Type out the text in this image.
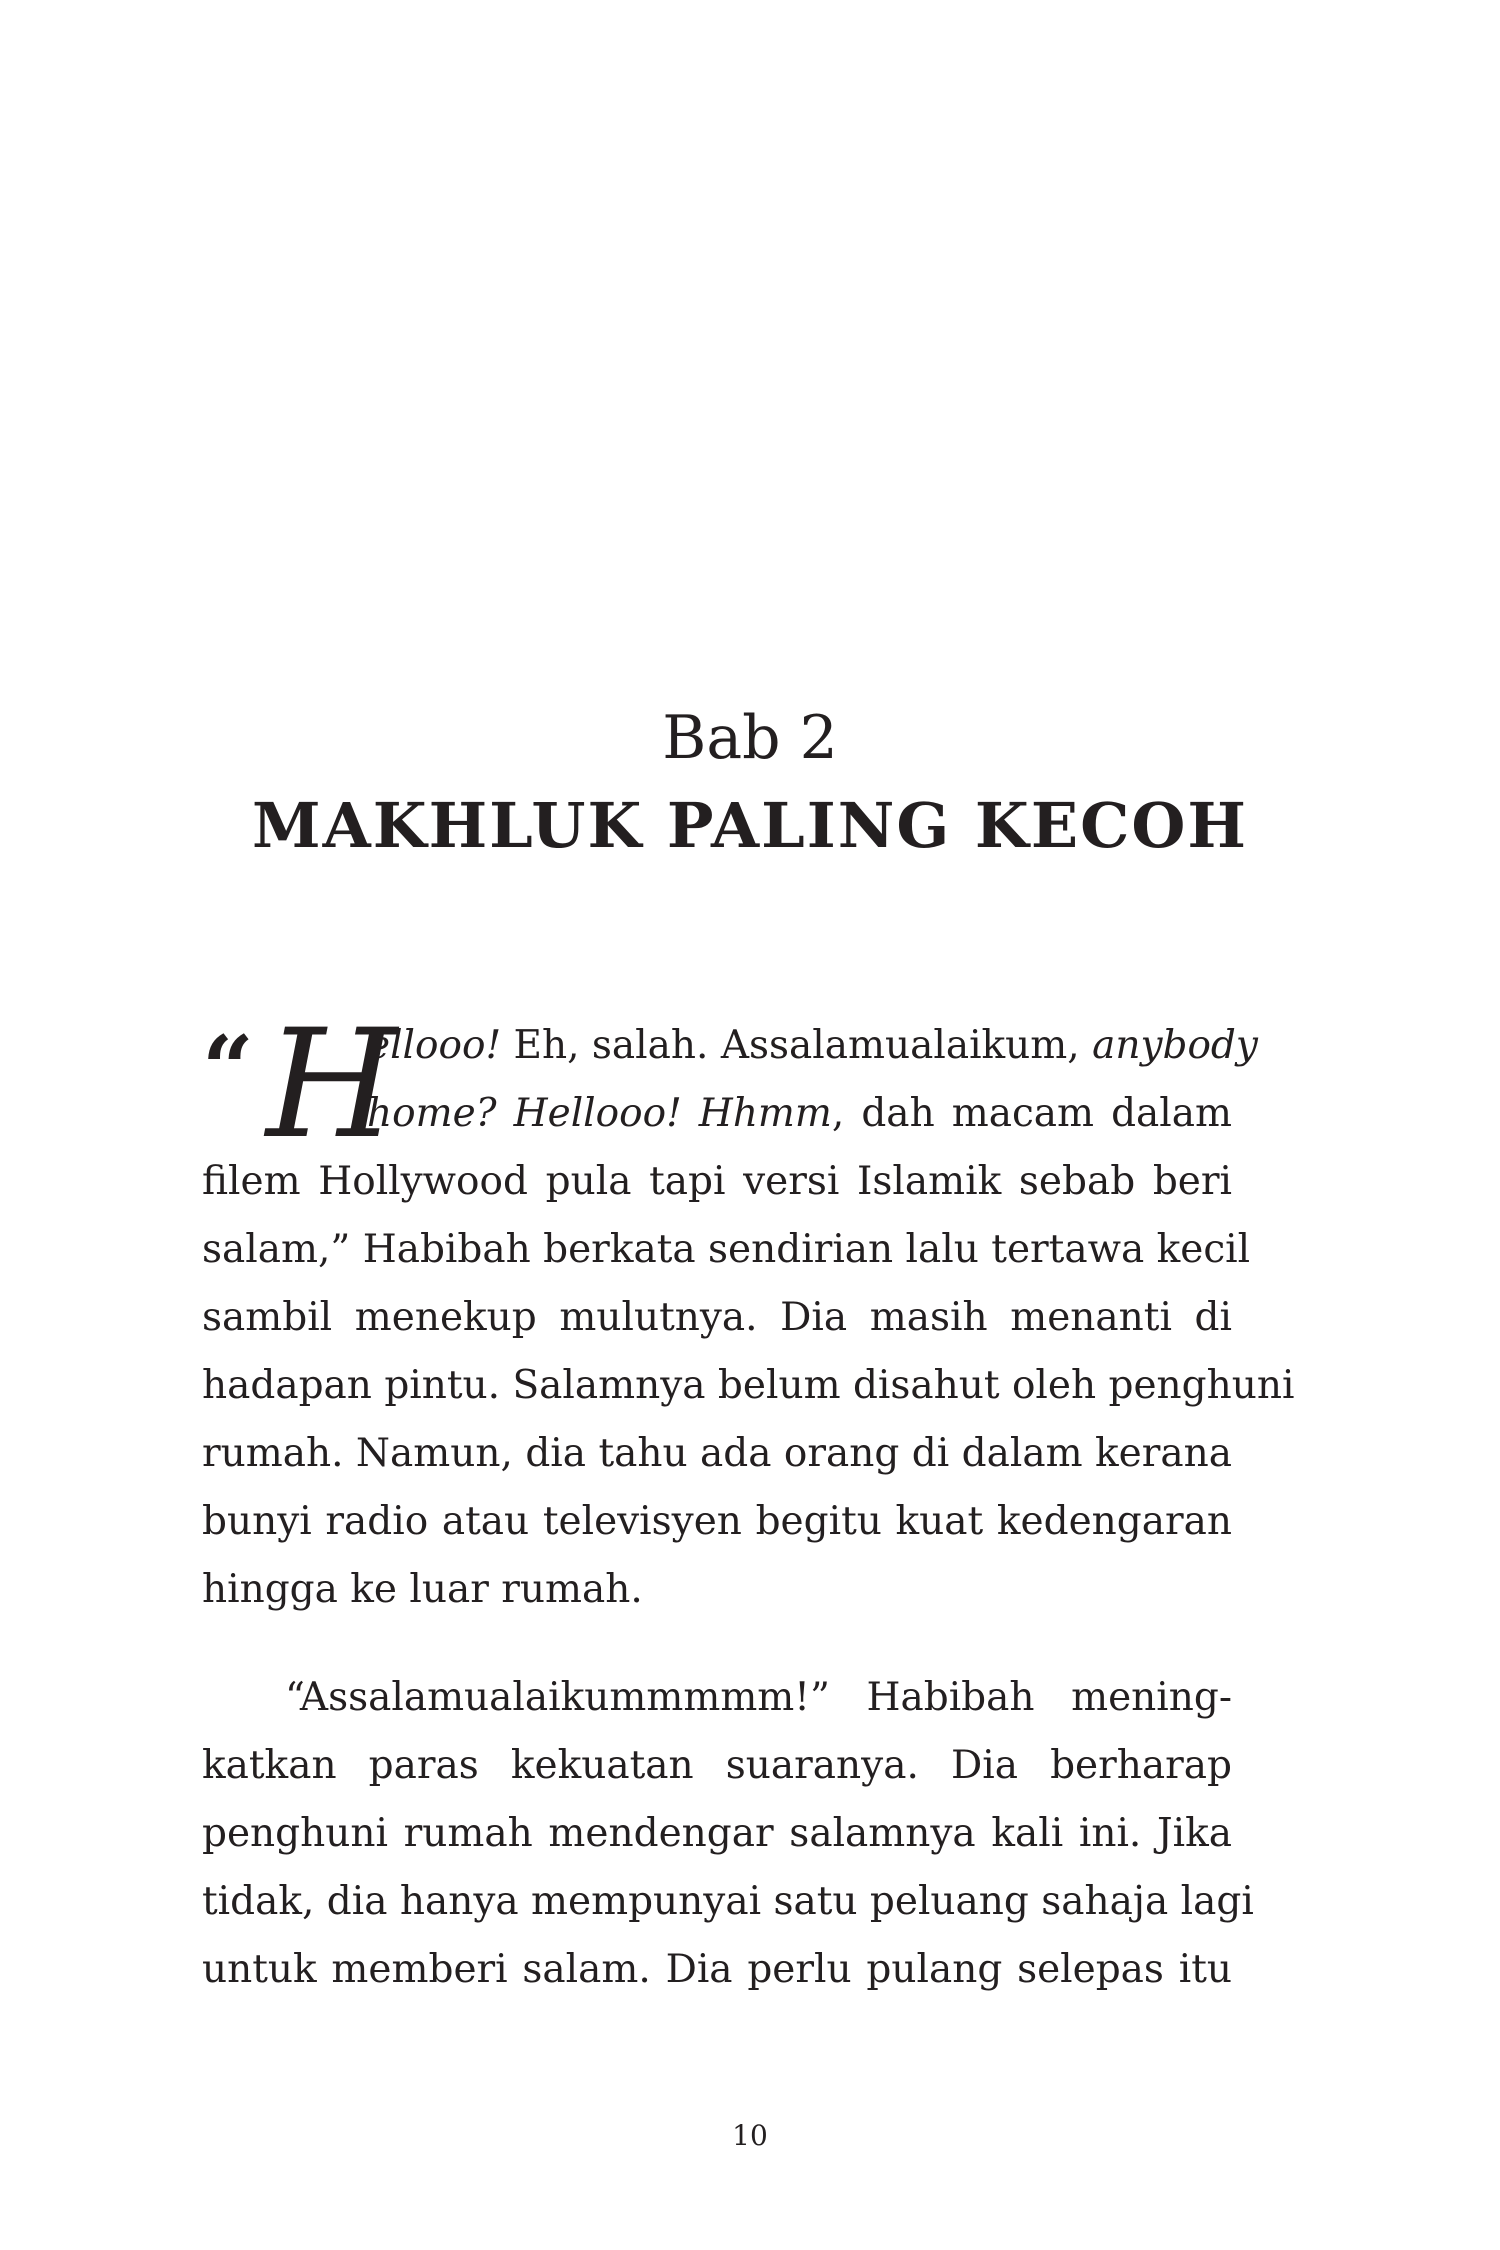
Bab 2
MAKHLUK PALING KECOH
“ H
ellooo! Eh, salah. Assalamualaikum, anybody
home? Hellooo! Hhmm, dah macam dalam
filem Hollywood pula tapi versi Islamik sebab beri
salam,” Habibah berkata sendirian lalu tertawa kecil
sambil menekup mulutnya. Dia masih menanti di
hadapan pintu. Salamnya belum disahut oleh penghuni
rumah. Namun, dia tahu ada orang di dalam kerana
bunyi radio atau televisyen begitu kuat kedengaran
hingga ke luar rumah.
“Assalamualaikummmmm!” Habibah mening-
katkan paras kekuatan suaranya. Dia berharap
penghuni rumah mendengar salamnya kali ini. Jika
tidak, dia hanya mempunyai satu peluang sahaja lagi
untuk memberi salam. Dia perlu pulang selepas itu
10
